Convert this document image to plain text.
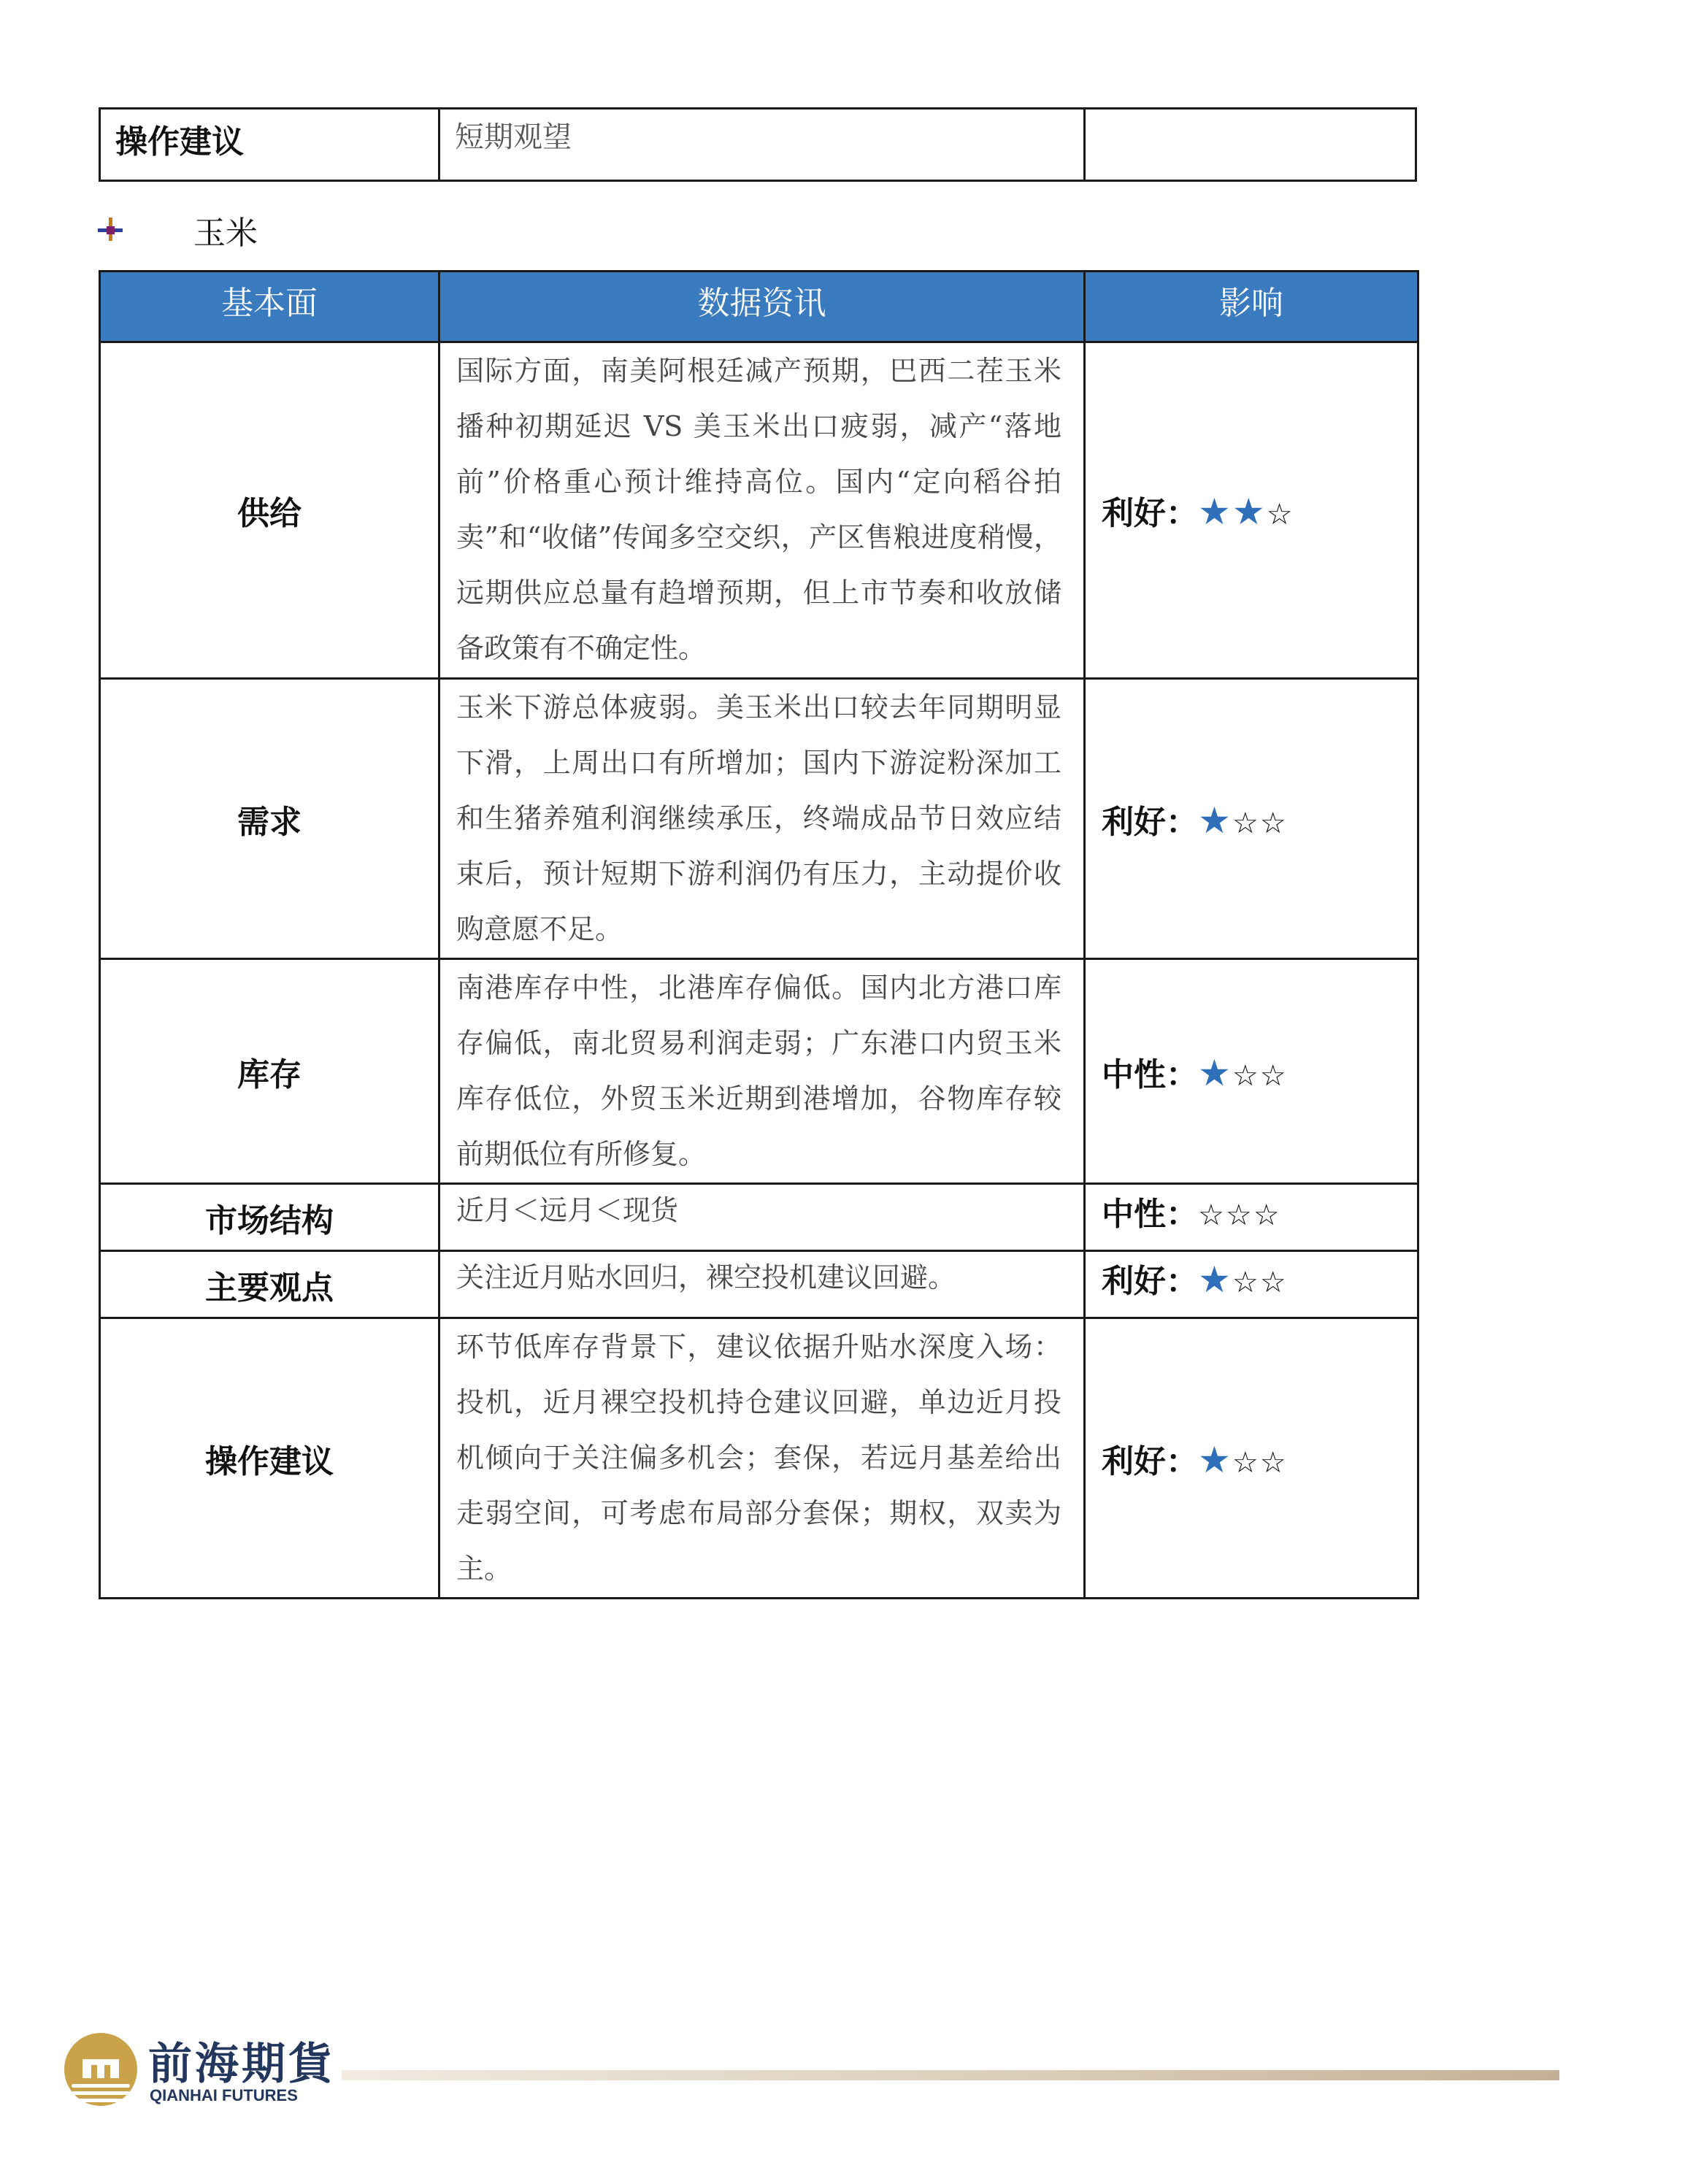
操作建议	短期观望	
玉米
基本面	数据资讯	影响
供给	国际方面，南美阿根廷减产预期，巴西二茬玉米播种初期延迟 VS 美玉米出口疲弱，减产“落地前”价格重心预计维持高位。国内“定向稻谷拍卖”和“收储”传闻多空交织，产区售粮进度稍慢，远期供应总量有趋增预期，但上市节奏和收放储备政策有不确定性。	利好：★★☆
需求	玉米下游总体疲弱。美玉米出口较去年同期明显下滑，上周出口有所增加；国内下游淀粉深加工和生猪养殖利润继续承压，终端成品节日效应结束后，预计短期下游利润仍有压力，主动提价收购意愿不足。	利好：★☆☆
库存	南港库存中性，北港库存偏低。国内北方港口库存偏低，南北贸易利润走弱；广东港口内贸玉米库存低位，外贸玉米近期到港增加，谷物库存较前期低位有所修复。	中性：★☆☆
市场结构	近月＜远月＜现货	中性：☆☆☆
主要观点	关注近月贴水回归，裸空投机建议回避。	利好：★☆☆
操作建议	环节低库存背景下，建议依据升贴水深度入场：投机，近月裸空投机持仓建议回避，单边近月投机倾向于关注偏多机会；套保，若远月基差给出走弱空间，可考虑布局部分套保；期权，双卖为主。	利好：★☆☆
前海期貨
QIANHAI FUTURES
